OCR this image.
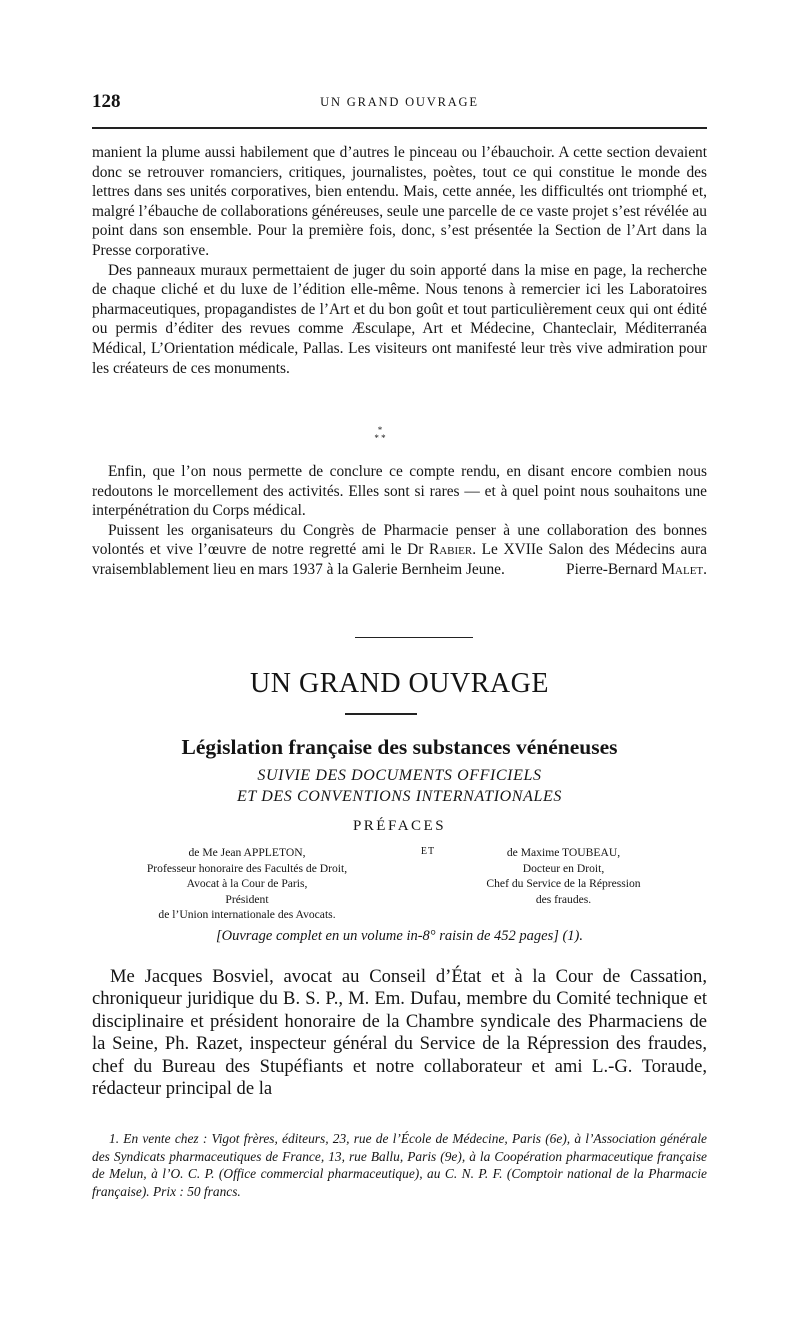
128	UN GRAND OUVRAGE

manient la plume aussi habilement que d’autres le pinceau ou l’ébauchoir. A cette section devaient donc se retrouver romanciers, critiques, journalistes, poètes, tout ce qui constitue le monde des lettres dans ses unités corporatives, bien entendu. Mais, cette année, les difficultés ont triomphé et, malgré l’ébauche de collaborations généreuses, seule une parcelle de ce vaste projet s’est révélée au point dans son ensemble. Pour la première fois, donc, s’est présentée la Section de l’Art dans la Presse corporative.

Des panneaux muraux permettaient de juger du soin apporté dans la mise en page, la recherche de chaque cliché et du luxe de l’édition elle-même. Nous tenons à remercier ici les Laboratoires pharmaceutiques, propagandistes de l’Art et du bon goût et tout particulièrement ceux qui ont édité ou permis d’éditer des revues comme Æsculape, Art et Médecine, Chanteclair, Méditerranéa Médical, L’Orientation médicale, Pallas. Les visiteurs ont manifesté leur très vive admiration pour les créateurs de ces monuments.

*
* *

Enfin, que l’on nous permette de conclure ce compte rendu, en disant encore combien nous redoutons le morcellement des activités. Elles sont si rares — et à quel point nous souhaitons une interpénétration du Corps médical.

Puissent les organisateurs du Congrès de Pharmacie penser à une collaboration des bonnes volontés et vive l’œuvre de notre regretté ami le Dr Rabier. Le XVIIe Salon des Médecins aura vraisemblablement lieu en mars 1937 à la Galerie Bernheim Jeune.	Pierre-Bernard Malet.

UN GRAND OUVRAGE
Législation française des substances vénéneuses
SUIVIE DES DOCUMENTS OFFICIELS
ET DES CONVENTIONS INTERNATIONALES
PRÉFACES
de Me Jean APPLETON,
Professeur honoraire des Facultés de Droit,
Avocat à la Cour de Paris,
Président
de l’Union internationale des Avocats.
ET	de Maxime TOUBEAU,
Docteur en Droit,
Chef du Service de la Répression
des fraudes.
[Ouvrage complet en un volume in-8° raisin de 452 pages] (1).

Me Jacques Bosviel, avocat au Conseil d’État et à la Cour de Cassation, chroniqueur juridique du B. S. P., M. Em. Dufau, membre du Comité technique et disciplinaire et président honoraire de la Chambre syndicale des Pharmaciens de la Seine, Ph. Razet, inspecteur général du Service de la Répression des fraudes, chef du Bureau des Stupéfiants et notre collaborateur et ami L.-G. Toraude, rédacteur principal de la

1. En vente chez : Vigot frères, éditeurs, 23, rue de l’École de Médecine, Paris (6e), à l’Association générale des Syndicats pharmaceutiques de France, 13, rue Ballu, Paris (9e), à la Coopération pharmaceutique française de Melun, à l’O. C. P. (Office commercial pharmaceutique), au C. N. P. F. (Comptoir national de la Pharmacie française). Prix : 50 francs.
